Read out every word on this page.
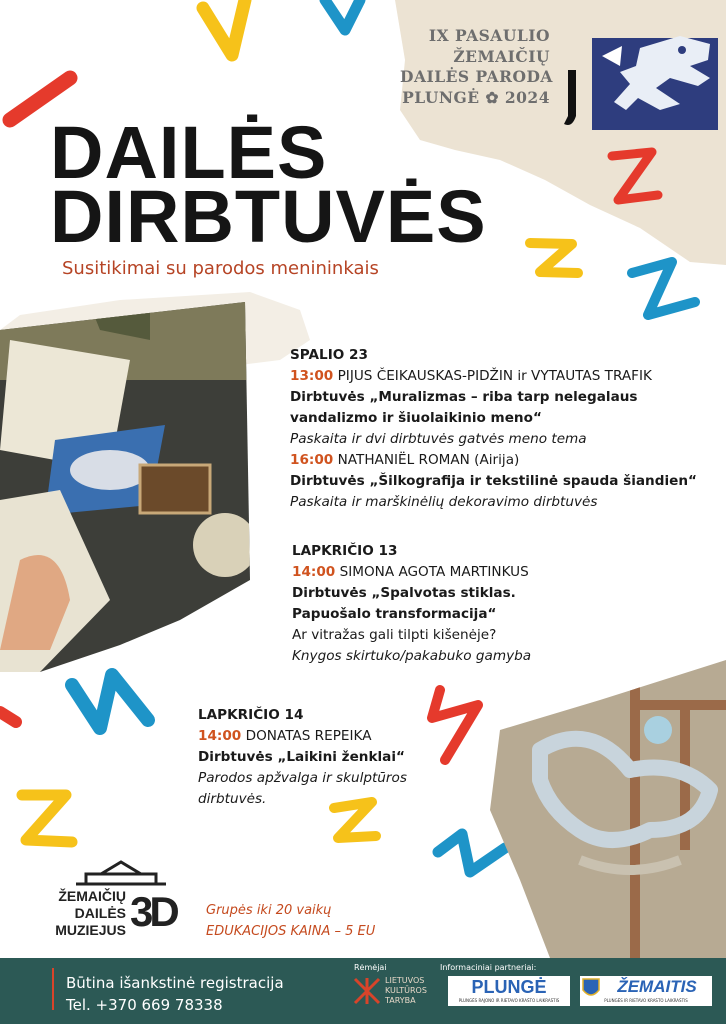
IX PASAULIO
ŽEMAIČIŲ
DAILĖS PARODA
PLUNGĖ ✿ 2024
DAILĖS
DIRBTUVĖS
Susitikimai su parodos menininkais
SPALIO 23
13:00 PIJUS ČEIKAUSKAS-PIDŽIN ir VYTAUTAS TRAFIK
Dirbtuvės „Muralizmas – riba tarp nelegalaus
vandalizmo ir šiuolaikinio meno“
Paskaita ir dvi dirbtuvės gatvės meno tema
16:00 NATHANIËL ROMAN (Airija)
Dirbtuvės „Šilkografija ir tekstilinė spauda šiandien“
Paskaita ir marškinėlių dekoravimo dirbtuvės
LAPKRIČIO 13
14:00 SIMONA AGOTA MARTINKUS
Dirbtuvės „Spalvotas stiklas.
Papuošalo transformacija“
Ar vitražas gali tilpti kišenėje?
Knygos skirtuko/pakabuko gamyba
LAPKRIČIO 14
14:00 DONATAS REPEIKA
Dirbtuvės „Laikini ženklai“
Parodos apžvalga ir skulptūros
dirbtuvės.
ŽEMAIČIŲ
DAILĖS
MUZIEJUS 3D Grupės iki 20 vaikų
EDUKACIJOS KAINA – 5 EU
Būtina išankstinė registracija
Tel. +370 669 78338
Rėmėjai
LIETUVOS
KULTŪROS
TARYBA
Informaciniai partneriai:
PLUNGĖ
PLUNGĖS RAJONO IR RIETAVO KRAŠTO LAIKRAŠTIS
ŽEMAITIS
PLUNGĖS IR RIETAVO KRAŠTO LAIKRAŠTIS
